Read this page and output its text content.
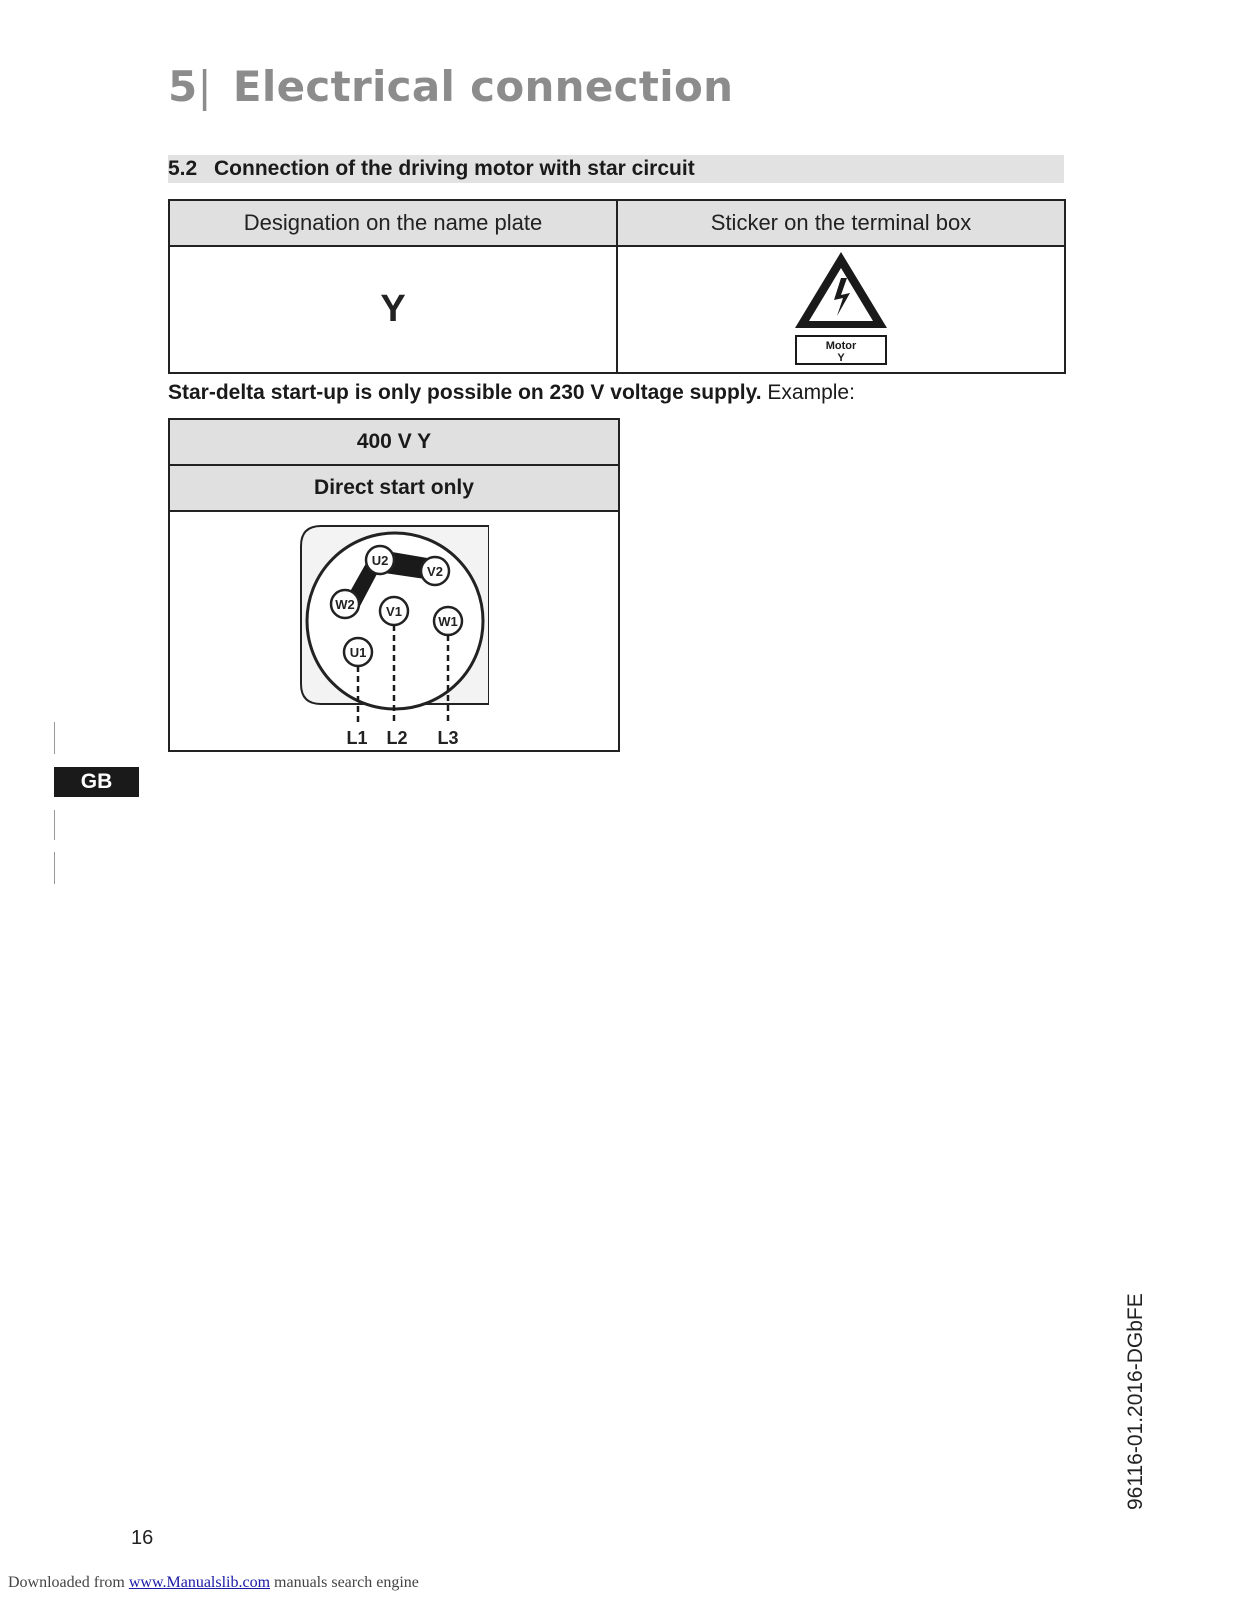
5| Electrical connection
5.2 Connection of the driving motor with star circuit
Designation on the name plate	Sticker on the terminal box
Y	Motor
Y
Star-delta start-up is only possible on 230 V voltage supply. Example:
400 V Y
Direct start only

U2
V2
W2 V1
W1
U1
L1 L2 L3
GB
96116-01.2016-DGbFE
16
Downloaded from www.Manualslib.com manuals search engine
